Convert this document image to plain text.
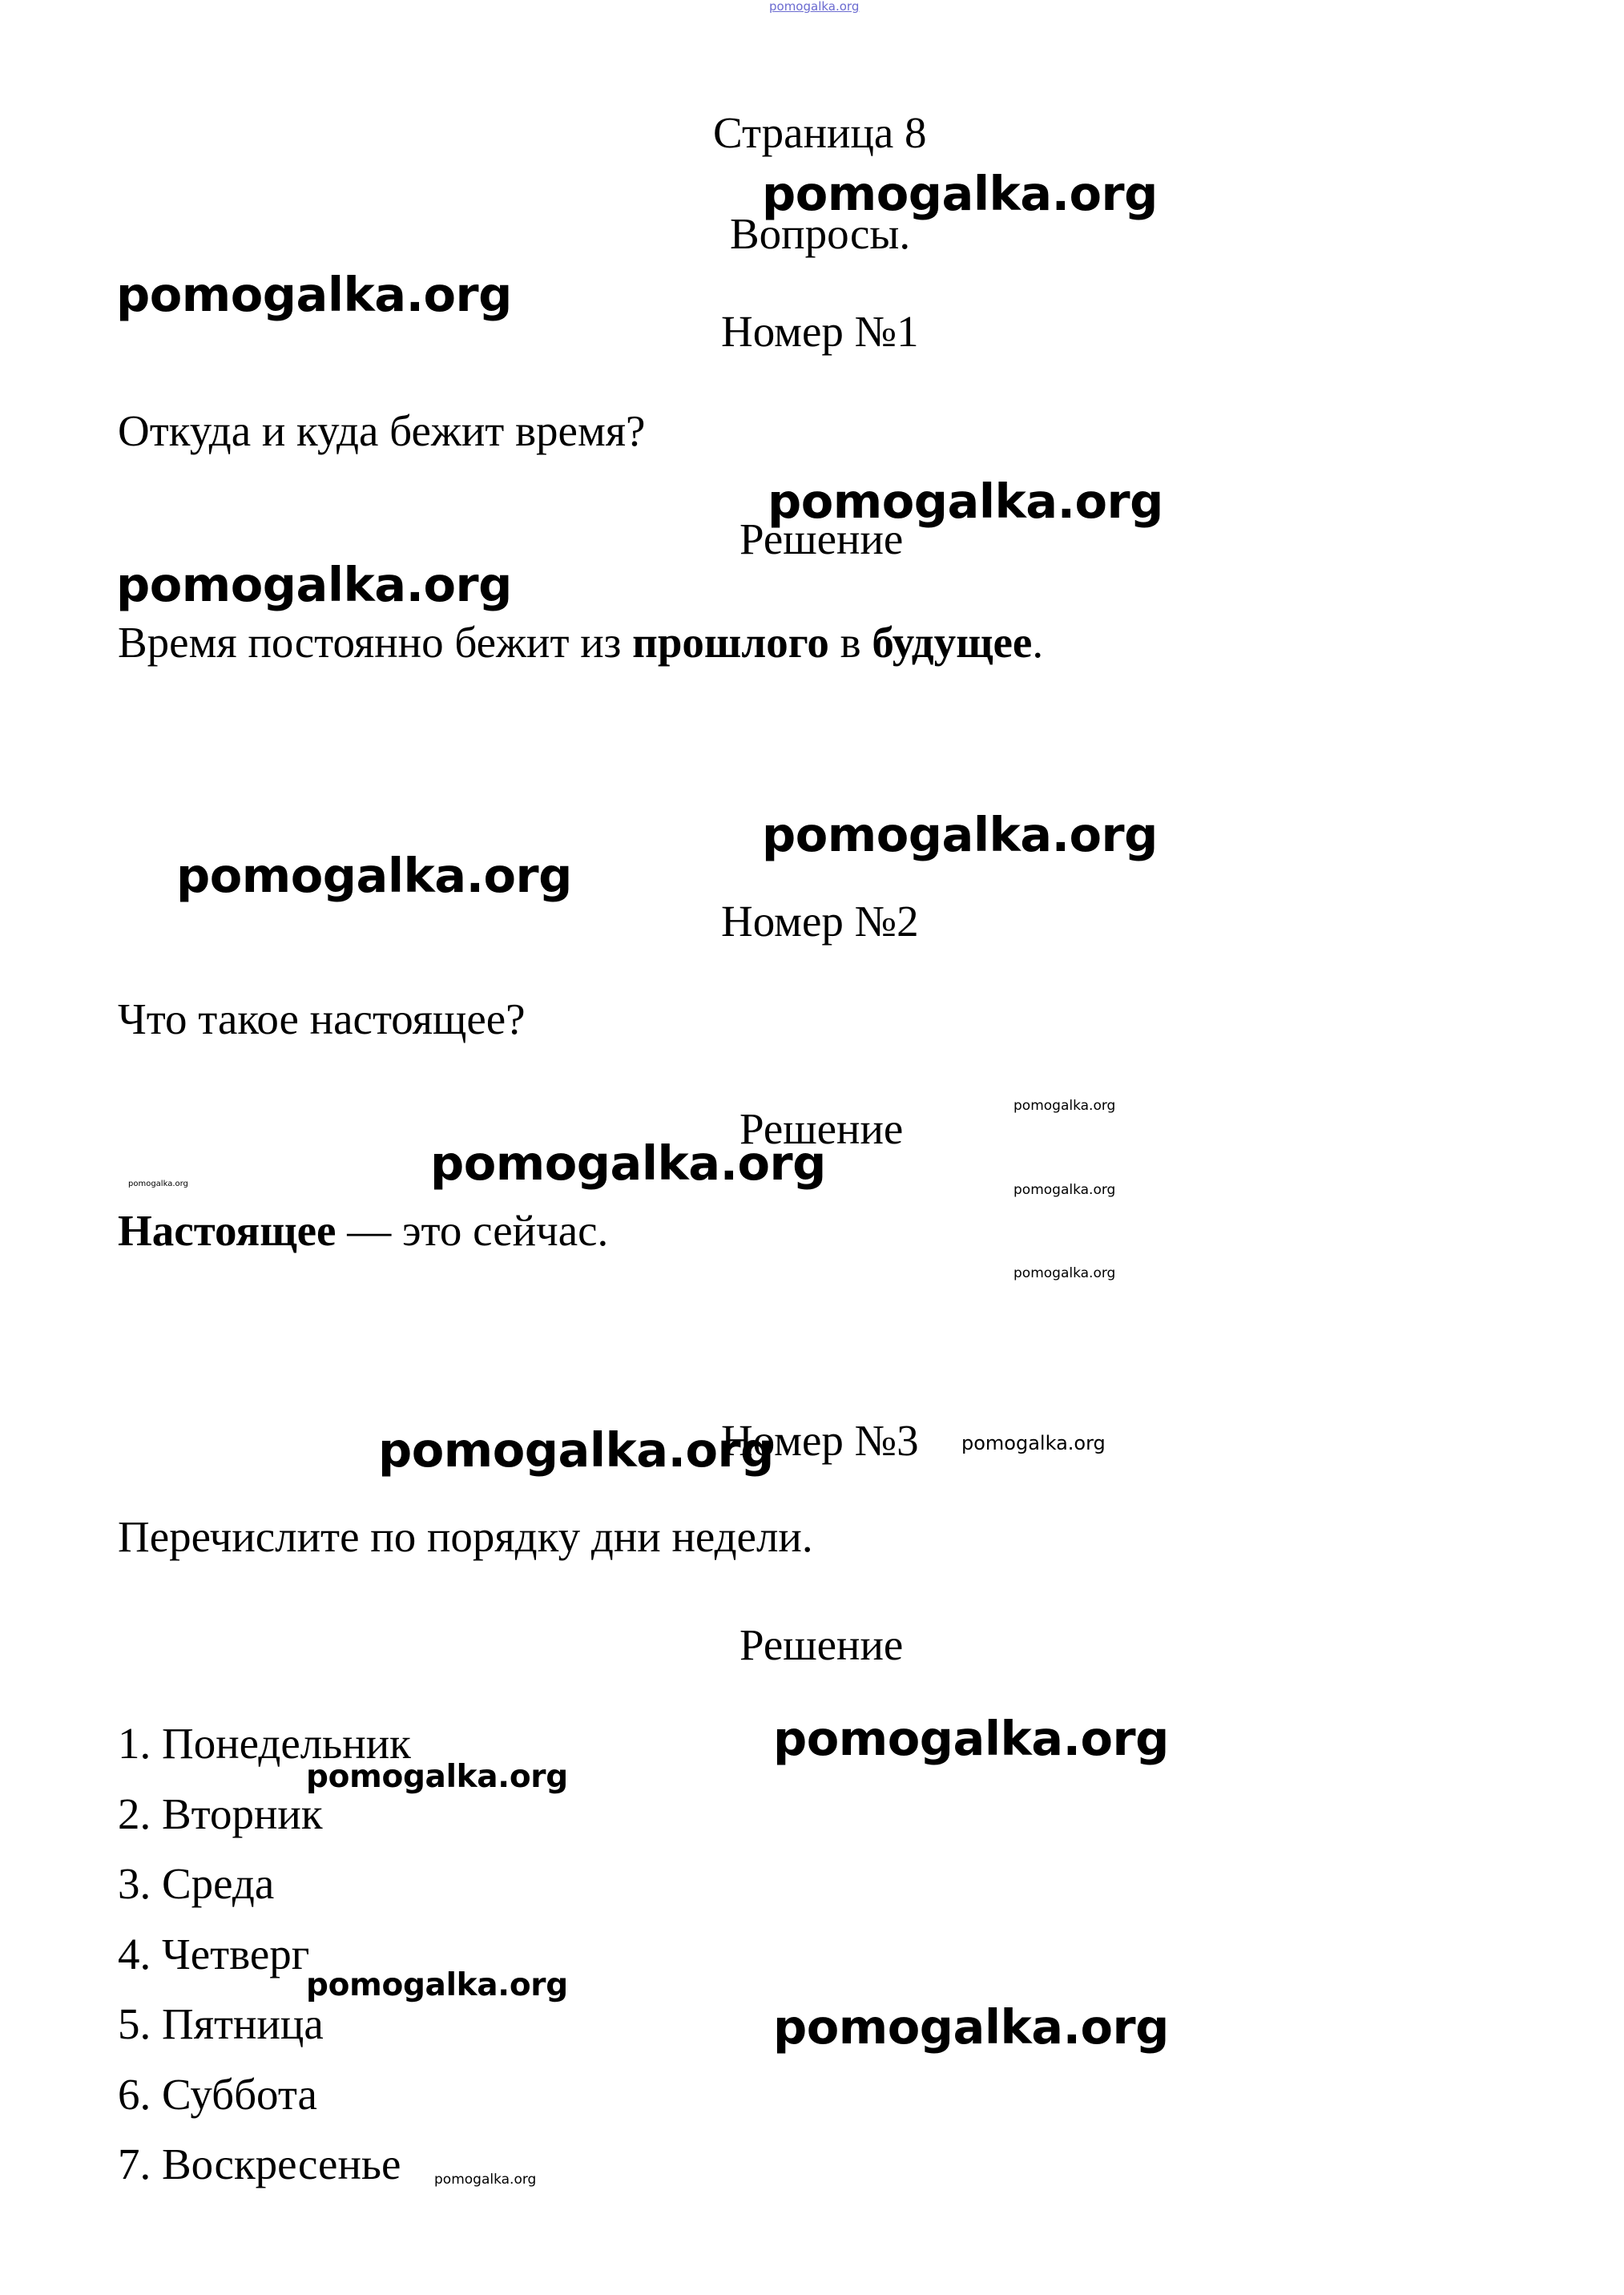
pomogalka.org
Страница 8
pomogalka.org
Вопросы.
pomogalka.org
Номер №1

Откуда и куда бежит время?

pomogalka.org
Решение
pomogalka.org

Время постоянно бежит из прошлого в будущее.

pomogalka.org
pomogalka.org
Номер №2

Что такое настоящее?

pomogalka.org
Решение
pomogalka.org
pomogalka.org	pomogalka.org

Настоящее — это сейчас.

pomogalka.org
pomogalka.org
Номер №3 pomogalka.org

Перечислите по порядку дни недели.

Решение
1. Понедельник
2. Вторник
3. Среда
4. Четверг
5. Пятница
6. Суббота
7. Воскресенье
pomogalka.org
pomogalka.org
pomogalka.org
pomogalka.org
pomogalka.org
